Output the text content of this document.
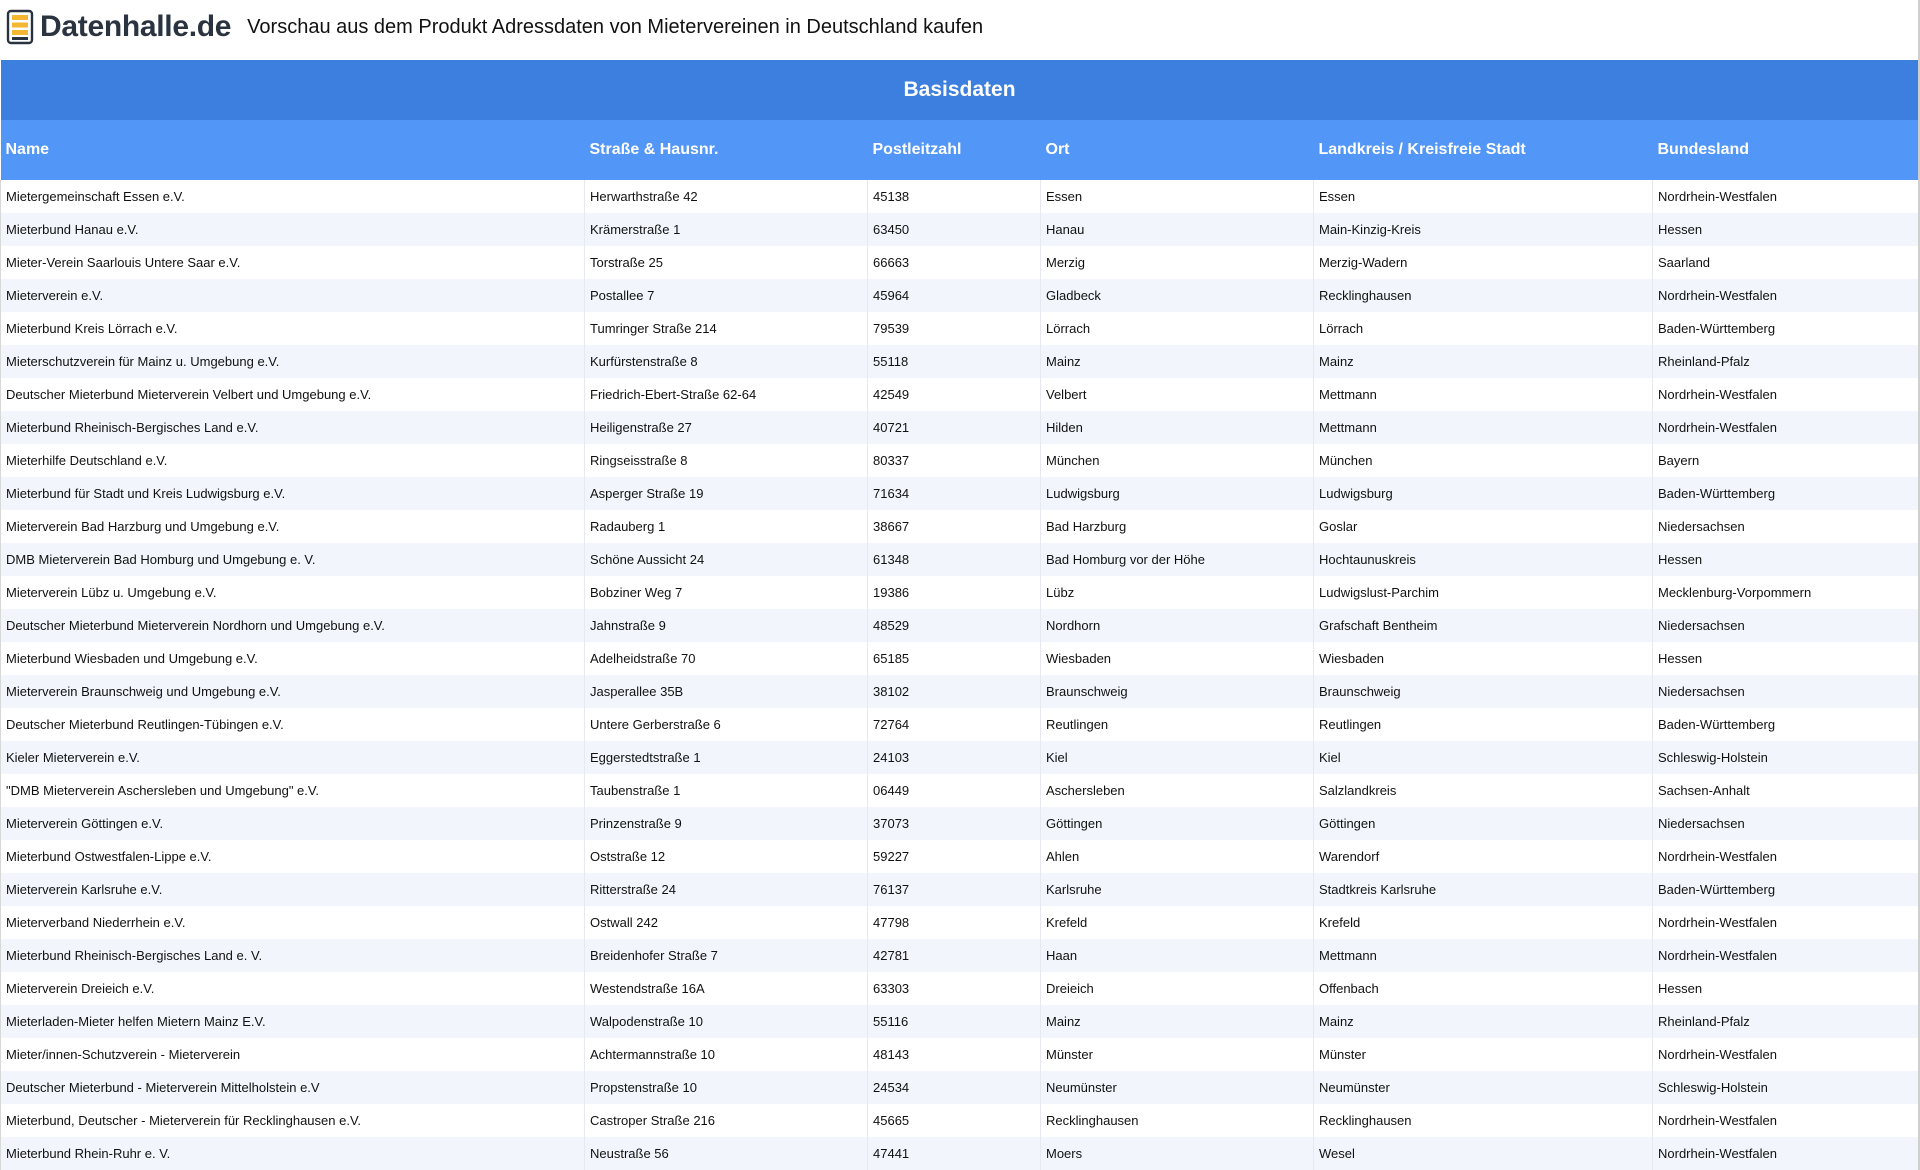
Datenhalle.de Vorschau aus dem Produkt Adressdaten von Mietervereinen in Deutschland kaufen
Basisdaten					
Name	Straße & Hausnr.	Postleitzahl	Ort	Landkreis / Kreisfreie Stadt	Bundesland
Mietergemeinschaft Essen e.V.	Herwarthstraße 42	45138	Essen	Essen	Nordrhein-Westfalen
Mieterbund Hanau e.V.	Krämerstraße 1	63450	Hanau	Main-Kinzig-Kreis	Hessen
Mieter-Verein Saarlouis Untere Saar e.V.	Torstraße 25	66663	Merzig	Merzig-Wadern	Saarland
Mieterverein e.V.	Postallee 7	45964	Gladbeck	Recklinghausen	Nordrhein-Westfalen
Mieterbund Kreis Lörrach e.V.	Tumringer Straße 214	79539	Lörrach	Lörrach	Baden-Württemberg
Mieterschutzverein für Mainz u. Umgebung e.V.	Kurfürstenstraße 8	55118	Mainz	Mainz	Rheinland-Pfalz
Deutscher Mieterbund Mieterverein Velbert und Umgebung e.V.	Friedrich-Ebert-Straße 62-64	42549	Velbert	Mettmann	Nordrhein-Westfalen
Mieterbund Rheinisch-Bergisches Land e.V.	Heiligenstraße 27	40721	Hilden	Mettmann	Nordrhein-Westfalen
Mieterhilfe Deutschland e.V.	Ringseisstraße 8	80337	München	München	Bayern
Mieterbund für Stadt und Kreis Ludwigsburg e.V.	Asperger Straße 19	71634	Ludwigsburg	Ludwigsburg	Baden-Württemberg
Mieterverein Bad Harzburg und Umgebung e.V.	Radauberg 1	38667	Bad Harzburg	Goslar	Niedersachsen
DMB Mieterverein Bad Homburg und Umgebung e. V.	Schöne Aussicht 24	61348	Bad Homburg vor der Höhe	Hochtaunuskreis	Hessen
Mieterverein Lübz u. Umgebung e.V.	Bobziner Weg 7	19386	Lübz	Ludwigslust-Parchim	Mecklenburg-Vorpommern
Deutscher Mieterbund Mieterverein Nordhorn und Umgebung e.V.	Jahnstraße 9	48529	Nordhorn	Grafschaft Bentheim	Niedersachsen
Mieterbund Wiesbaden und Umgebung e.V.	Adelheidstraße 70	65185	Wiesbaden	Wiesbaden	Hessen
Mieterverein Braunschweig und Umgebung e.V.	Jasperallee 35B	38102	Braunschweig	Braunschweig	Niedersachsen
Deutscher Mieterbund Reutlingen-Tübingen e.V.	Untere Gerberstraße 6	72764	Reutlingen	Reutlingen	Baden-Württemberg
Kieler Mieterverein e.V.	Eggerstedtstraße 1	24103	Kiel	Kiel	Schleswig-Holstein
"DMB Mieterverein Aschersleben und Umgebung" e.V.	Taubenstraße 1	06449	Aschersleben	Salzlandkreis	Sachsen-Anhalt
Mieterverein Göttingen e.V.	Prinzenstraße 9	37073	Göttingen	Göttingen	Niedersachsen
Mieterbund Ostwestfalen-Lippe e.V.	Oststraße 12	59227	Ahlen	Warendorf	Nordrhein-Westfalen
Mieterverein Karlsruhe e.V.	Ritterstraße 24	76137	Karlsruhe	Stadtkreis Karlsruhe	Baden-Württemberg
Mieterverband Niederrhein e.V.	Ostwall 242	47798	Krefeld	Krefeld	Nordrhein-Westfalen
Mieterbund Rheinisch-Bergisches Land e. V.	Breidenhofer Straße 7	42781	Haan	Mettmann	Nordrhein-Westfalen
Mieterverein Dreieich e.V.	Westendstraße 16A	63303	Dreieich	Offenbach	Hessen
Mieterladen-Mieter helfen Mietern Mainz E.V.	Walpodenstraße 10	55116	Mainz	Mainz	Rheinland-Pfalz
Mieter/innen-Schutzverein - Mieterverein	Achtermannstraße 10	48143	Münster	Münster	Nordrhein-Westfalen
Deutscher Mieterbund - Mieterverein Mittelholstein e.V	Propstenstraße 10	24534	Neumünster	Neumünster	Schleswig-Holstein
Mieterbund, Deutscher - Mieterverein für Recklinghausen e.V.	Castroper Straße 216	45665	Recklinghausen	Recklinghausen	Nordrhein-Westfalen
Mieterbund Rhein-Ruhr e. V.	Neustraße 56	47441	Moers	Wesel	Nordrhein-Westfalen
